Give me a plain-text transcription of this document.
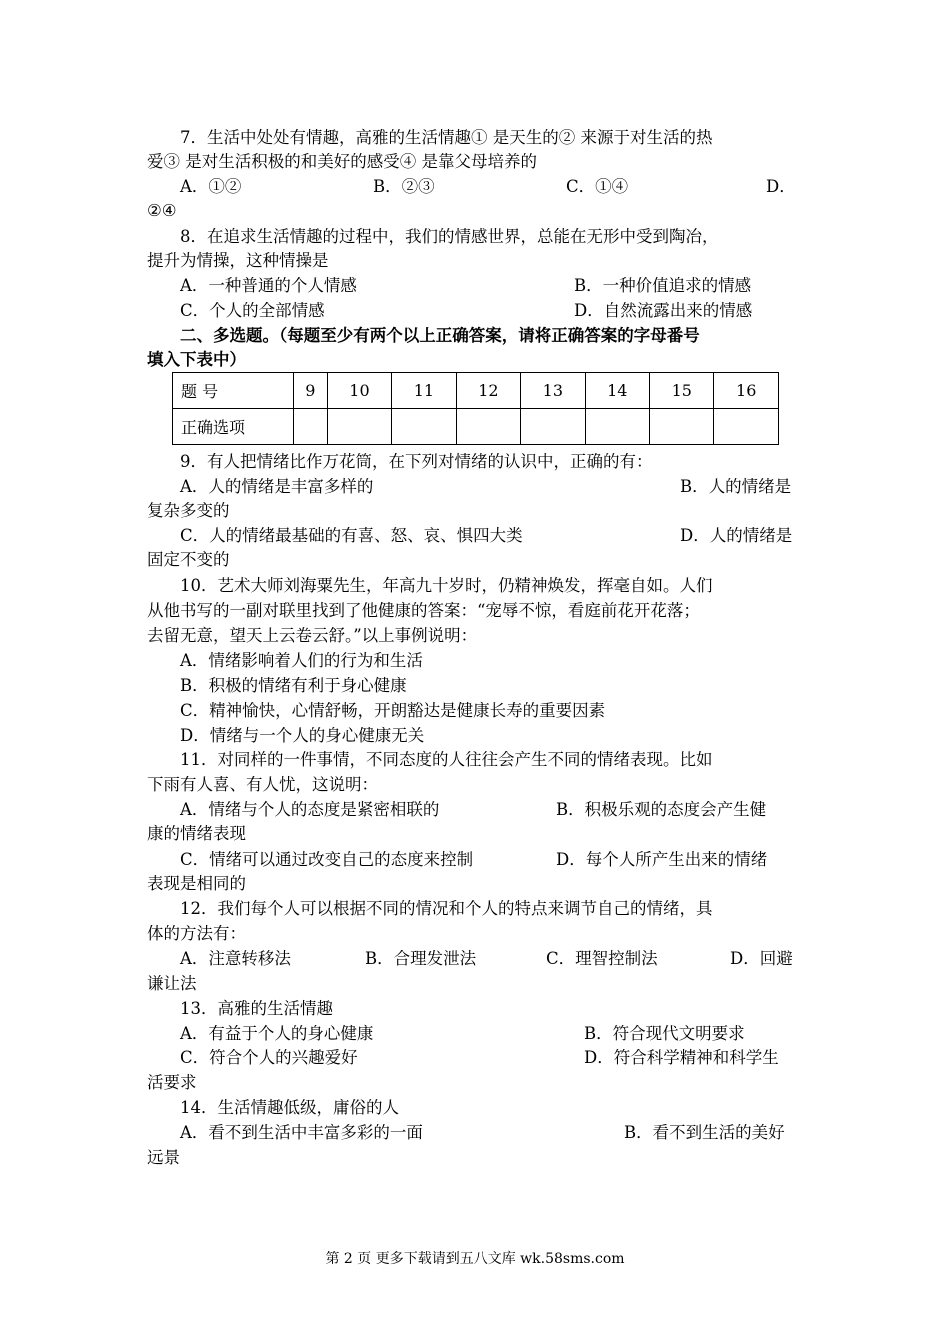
7．生活中处处有情趣，高雅的生活情趣① 是天生的② 来源于对生活的热
爱③ 是对生活积极的和美好的感受④ 是靠父母培养的
A．①②	B．②③	C．①④	D．
②④
8．在追求生活情趣的过程中，我们的情感世界，总能在无形中受到陶冶，
提升为情操，这种情操是
A．一种普通的个人情感	B．一种价值追求的情感
C．个人的全部情感	D．自然流露出来的情感
二、多选题。（每题至少有两个以上正确答案，请将正确答案的字母番号
填入下表中）
题 号	9	10	11	12	13	14	15	16
正确选项								
9．有人把情绪比作万花筒，在下列对情绪的认识中，正确的有：
A．人的情绪是丰富多样的	B．人的情绪是
复杂多变的
C．人的情绪最基础的有喜、怒、哀、惧四大类	D．人的情绪是
固定不变的
10．艺术大师刘海粟先生，年高九十岁时，仍精神焕发，挥毫自如。人们
从他书写的一副对联里找到了他健康的答案：“宠辱不惊，看庭前花开花落；
去留无意，望天上云卷云舒。”以上事例说明：
A．情绪影响着人们的行为和生活
B．积极的情绪有利于身心健康
C．精神愉快，心情舒畅，开朗豁达是健康长寿的重要因素
D．情绪与一个人的身心健康无关
11．对同样的一件事情，不同态度的人往往会产生不同的情绪表现。比如
下雨有人喜、有人忧，这说明：
A．情绪与个人的态度是紧密相联的	B．积极乐观的态度会产生健
康的情绪表现
C．情绪可以通过改变自己的态度来控制	D．每个人所产生出来的情绪
表现是相同的
12．我们每个人可以根据不同的情况和个人的特点来调节自己的情绪，具
体的方法有：
A．注意转移法	B．合理发泄法	C．理智控制法	D．回避
谦让法
13．高雅的生活情趣
A．有益于个人的身心健康	B．符合现代文明要求
C．符合个人的兴趣爱好	D．符合科学精神和科学生
活要求
14．生活情趣低级，庸俗的人
A．看不到生活中丰富多彩的一面	B．看不到生活的美好
远景
第 2 页 更多下载请到五八文库 wk.58sms.com
